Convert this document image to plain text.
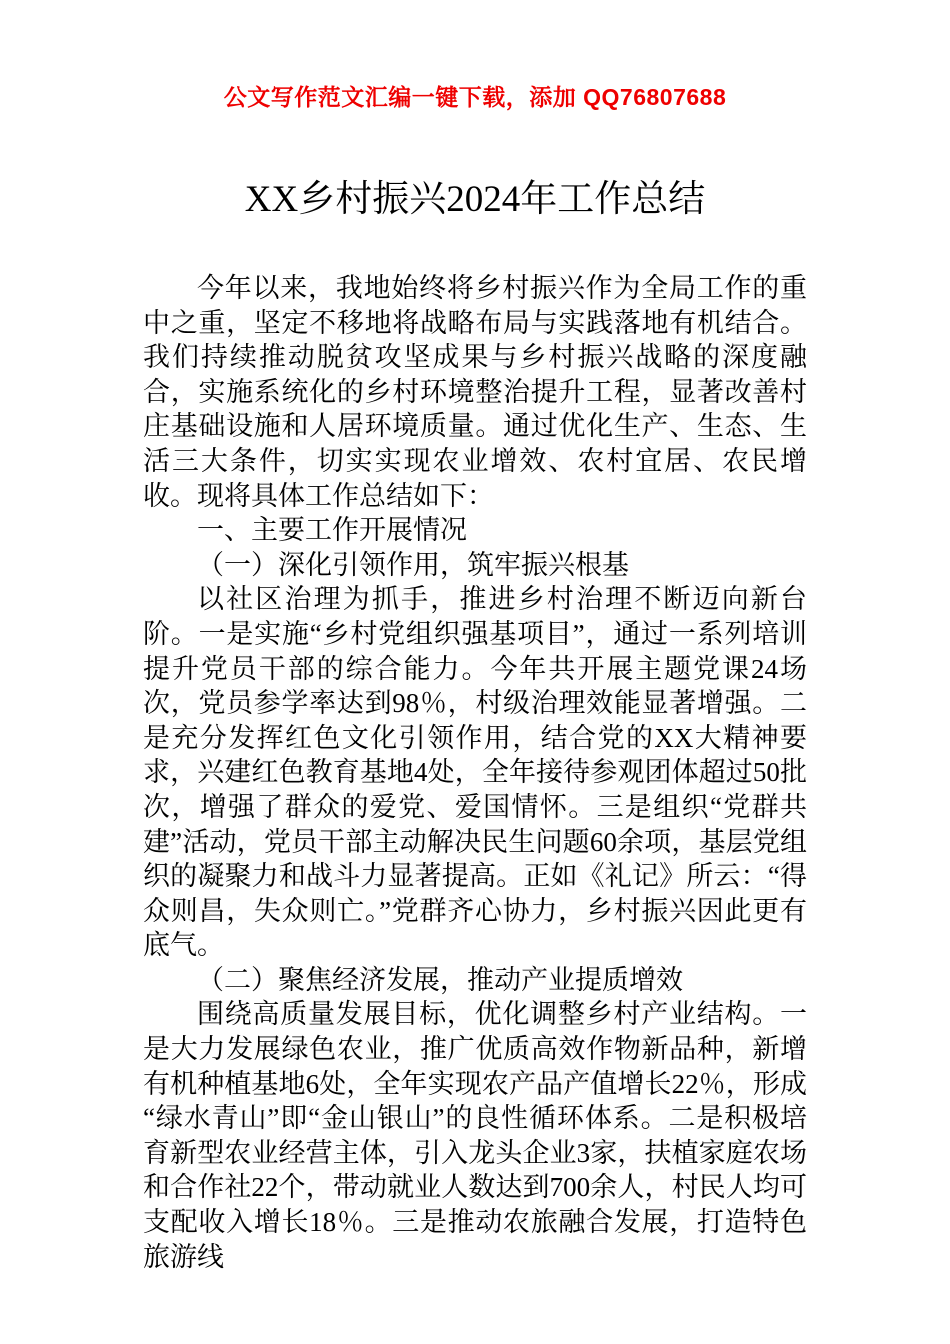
公文写作范文汇编一键下载，添加 QQ76807688
XX乡村振兴2024年工作总结

今年以来，我地始终将乡村振兴作为全局工作的重中之重，坚定不移地将战略布局与实践落地有机结合。我们持续推动脱贫攻坚成果与乡村振兴战略的深度融合，实施系统化的乡村环境整治提升工程，显著改善村庄基础设施和人居环境质量。通过优化生产、生态、生活三大条件，切实实现农业增效、农村宜居、农民增收。现将具体工作总结如下：

一、主要工作开展情况

（一）深化引领作用，筑牢振兴根基

以社区治理为抓手，推进乡村治理不断迈向新台阶。一是实施“乡村党组织强基项目”，通过一系列培训提升党员干部的综合能力。今年共开展主题党课24场次，党员参学率达到98％，村级治理效能显著增强。二是充分发挥红色文化引领作用，结合党的XX大精神要求，兴建红色教育基地4处，全年接待参观团体超过50批次，增强了群众的爱党、爱国情怀。三是组织“党群共建”活动，党员干部主动解决民生问题60余项，基层党组织的凝聚力和战斗力显著提高。正如《礼记》所云：“得众则昌，失众则亡。”党群齐心协力，乡村振兴因此更有底气。

（二）聚焦经济发展，推动产业提质增效

围绕高质量发展目标，优化调整乡村产业结构。一是大力发展绿色农业，推广优质高效作物新品种，新增有机种植基地6处，全年实现农产品产值增长22％，形成“绿水青山”即“金山银山”的良性循环体系。二是积极培育新型农业经营主体，引入龙头企业3家，扶植家庭农场和合作社22个，带动就业人数达到700余人，村民人均可支配收入增长18％。三是推动农旅融合发展，打造特色旅游线
